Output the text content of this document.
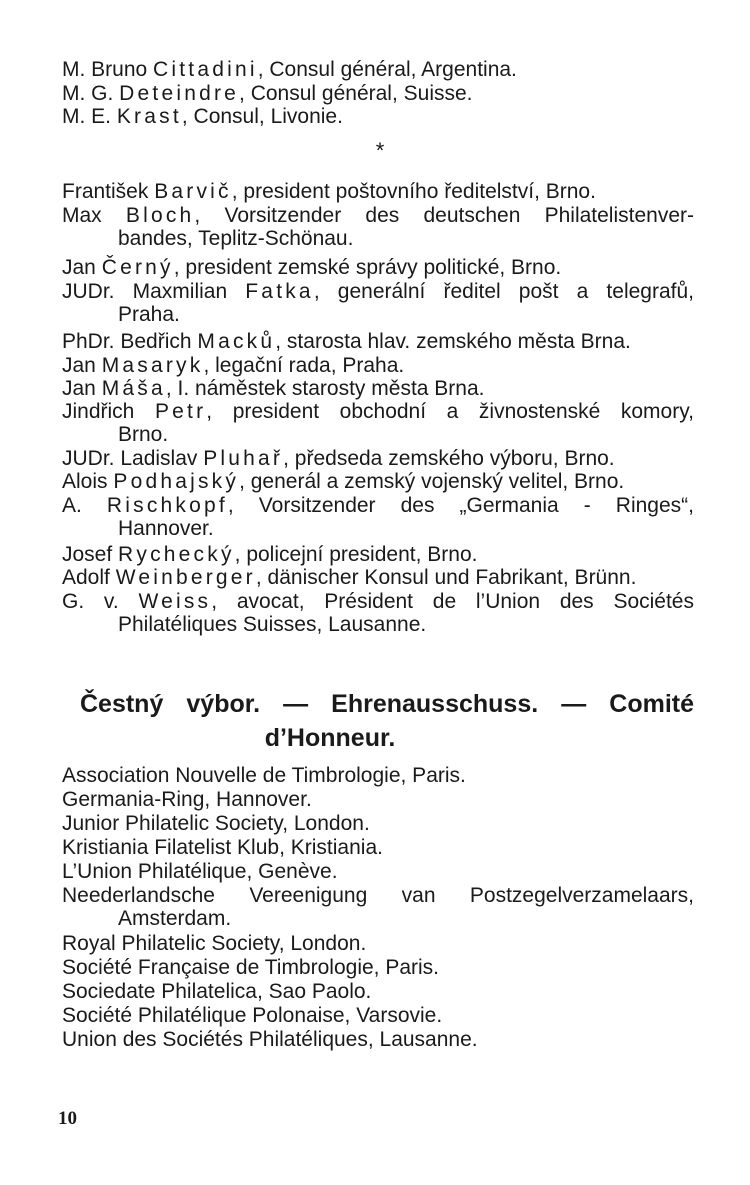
M. Bruno Cittadini, Consul général, Argentina.
M. G. Deteindre, Consul général, Suisse.
M. E. Krast, Consul, Livonie.
*
František Barvič, president poštovního ředitelství, Brno.
Max Bloch, Vorsitzender des deutschen Philatelistenver-
bandes, Teplitz-Schönau.
Jan Černý, president zemské správy politické, Brno.
JUDr. Maxmilian Fatka, generální ředitel pošt a telegrafů,
Praha.
PhDr. Bedřich Macků, starosta hlav. zemského města Brna.
Jan Masaryk, legační rada, Praha.
Jan Máša, I. náměstek starosty města Brna.
Jindřich Petr, president obchodní a živnostenské komory,
Brno.
JUDr. Ladislav Pluhař, předseda zemského výboru, Brno.
Alois Podhajský, generál a zemský vojenský velitel, Brno.
A. Rischkopf, Vorsitzender des „Germania - Ringes“,
Hannover.
Josef Rychecký, policejní president, Brno.
Adolf Weinberger, dänischer Konsul und Fabrikant, Brünn.
G. v. Weiss, avocat, Président de l’Union des Sociétés
Philatéliques Suisses, Lausanne.
Čestný výbor. — Ehrenausschuss. — Comité
d’Honneur.
Association Nouvelle de Timbrologie, Paris.
Germania-Ring, Hannover.
Junior Philatelic Society, London.
Kristiania Filatelist Klub, Kristiania.
L’Union Philatélique, Genève.
Neederlandsche Vereenigung van Postzegelverzamelaars,
Amsterdam.
Royal Philatelic Society, London.
Société Française de Timbrologie, Paris.
Sociedate Philatelica, Sao Paolo.
Société Philatélique Polonaise, Varsovie.
Union des Sociétés Philatéliques, Lausanne.
10
